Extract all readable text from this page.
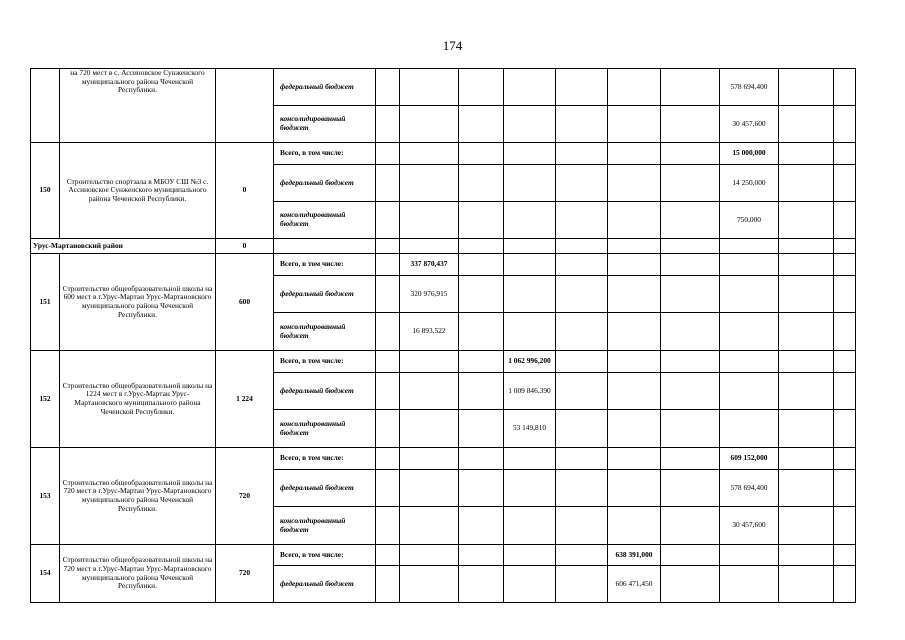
174
	на 720 мест в с. Ассиновское Сунженского муниципального района Чеченской Республики.		федеральный бюджет								578 694,400		
			консолидированный бюджет								30 457,600		
150	Строительство спортзала в МБОУ СШ №3 с. Ассиновское Сунженского муниципального района Чеченской Республики.	0	Всего, в том числе:								15 000,000		
			федеральный бюджет								14 250,000		
			консолидированный бюджет								750,000		
Урус-Мартановский район		0											
151	Строительство общеобразовательной школы на 600 мест в г.Урус-Мартан Урус-Мартановского муниципального района Чеченской Республики.	600	Всего, в том числе:		337 870,437								
			федеральный бюджет		320 976,915								
			консолидированный бюджет		16 893,522								
152	Строительство общеобразовательной школы на 1224 мест в г.Урус-Мартан Урус-Мартановского муниципального района Чеченской Республики.	1 224	Всего, в том числе:				1 062 996,200						
			федеральный бюджет				1 009 846,390						
			консолидированный бюджет				53 149,810						
153	Строительство общеобразовательной школы на 720 мест в г.Урус-Мартан Урус-Мартановского муниципального района Чеченской Республики.	720	Всего, в том числе:								609 152,000		
			федеральный бюджет								578 694,400		
			консолидированный бюджет								30 457,600		
154	Строительство общеобразовательной школы на 720 мест в г.Урус-Мартан Урус-Мартановского муниципального района Чеченской Республики.	720	Всего, в том числе:						638 391,000				
			федеральный бюджет						606 471,450				
